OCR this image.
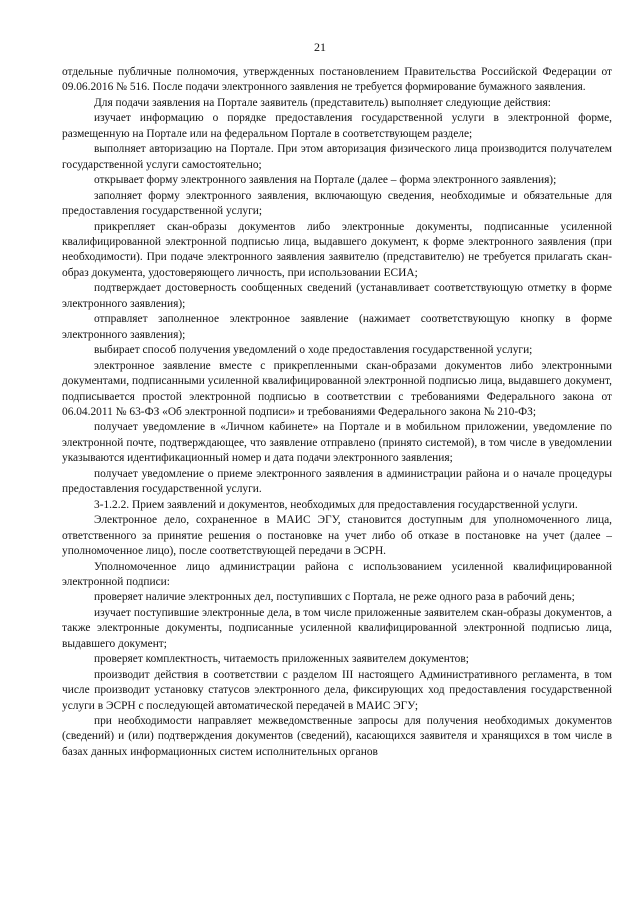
21

отдельные публичные полномочия, утвержденных постановлением Правительства Российской Федерации от 09.06.2016 № 516. После подачи электронного заявления не требуется формирование бумажного заявления.

Для подачи заявления на Портале заявитель (представитель) выполняет следующие действия:

изучает информацию о порядке предоставления государственной услуги в электронной форме, размещенную на Портале или на федеральном Портале в соответствующем разделе;

выполняет авторизацию на Портале. При этом авторизация физического лица производится получателем государственной услуги самостоятельно;

открывает форму электронного заявления на Портале (далее – форма электронного заявления);

заполняет форму электронного заявления, включающую сведения, необходимые и обязательные для предоставления государственной услуги;

прикрепляет скан-образы документов либо электронные документы, подписанные усиленной квалифицированной электронной подписью лица, выдавшего документ, к форме электронного заявления (при необходимости). При подаче электронного заявления заявителю (представителю) не требуется прилагать скан-образ документа, удостоверяющего личность, при использовании ЕСИА;

подтверждает достоверность сообщенных сведений (устанавливает соответствующую отметку в форме электронного заявления);

отправляет заполненное электронное заявление (нажимает соответствующую кнопку в форме электронного заявления);

выбирает способ получения уведомлений о ходе предоставления государственной услуги;

электронное заявление вместе с прикрепленными скан-образами документов либо электронными документами, подписанными усиленной квалифицированной электронной подписью лица, выдавшего документ, подписывается простой электронной подписью в соответствии с требованиями Федерального закона от 06.04.2011 № 63-ФЗ «Об электронной подписи» и требованиями Федерального закона № 210-ФЗ;

получает уведомление в «Личном кабинете» на Портале и в мобильном приложении, уведомление по электронной почте, подтверждающее, что заявление отправлено (принято системой), в том числе в уведомлении указываются идентификационный номер и дата подачи электронного заявления;

получает уведомление о приеме электронного заявления в администрации района и о начале процедуры предоставления государственной услуги.

3-1.2.2. Прием заявлений и документов, необходимых для предоставления государственной услуги.

Электронное дело, сохраненное в МАИС ЭГУ, становится доступным для уполномоченного лица, ответственного за принятие решения о постановке на учет либо об отказе в постановке на учет (далее – уполномоченное лицо), после соответствующей передачи в ЭСРН.

Уполномоченное лицо администрации района с использованием усиленной квалифицированной электронной подписи:

проверяет наличие электронных дел, поступивших с Портала, не реже одного раза в рабочий день;

изучает поступившие электронные дела, в том числе приложенные заявителем скан-образы документов, а также электронные документы, подписанные усиленной квалифицированной электронной подписью лица, выдавшего документ;

проверяет комплектность, читаемость приложенных заявителем документов;

производит действия в соответствии с разделом III настоящего Административного регламента, в том числе производит установку статусов электронного дела, фиксирующих ход предоставления государственной услуги в ЭСРН с последующей автоматической передачей в МАИС ЭГУ;

при необходимости направляет межведомственные запросы для получения необходимых документов (сведений) и (или) подтверждения документов (сведений), касающихся заявителя и хранящихся в том числе в базах данных информационных систем исполнительных органов
